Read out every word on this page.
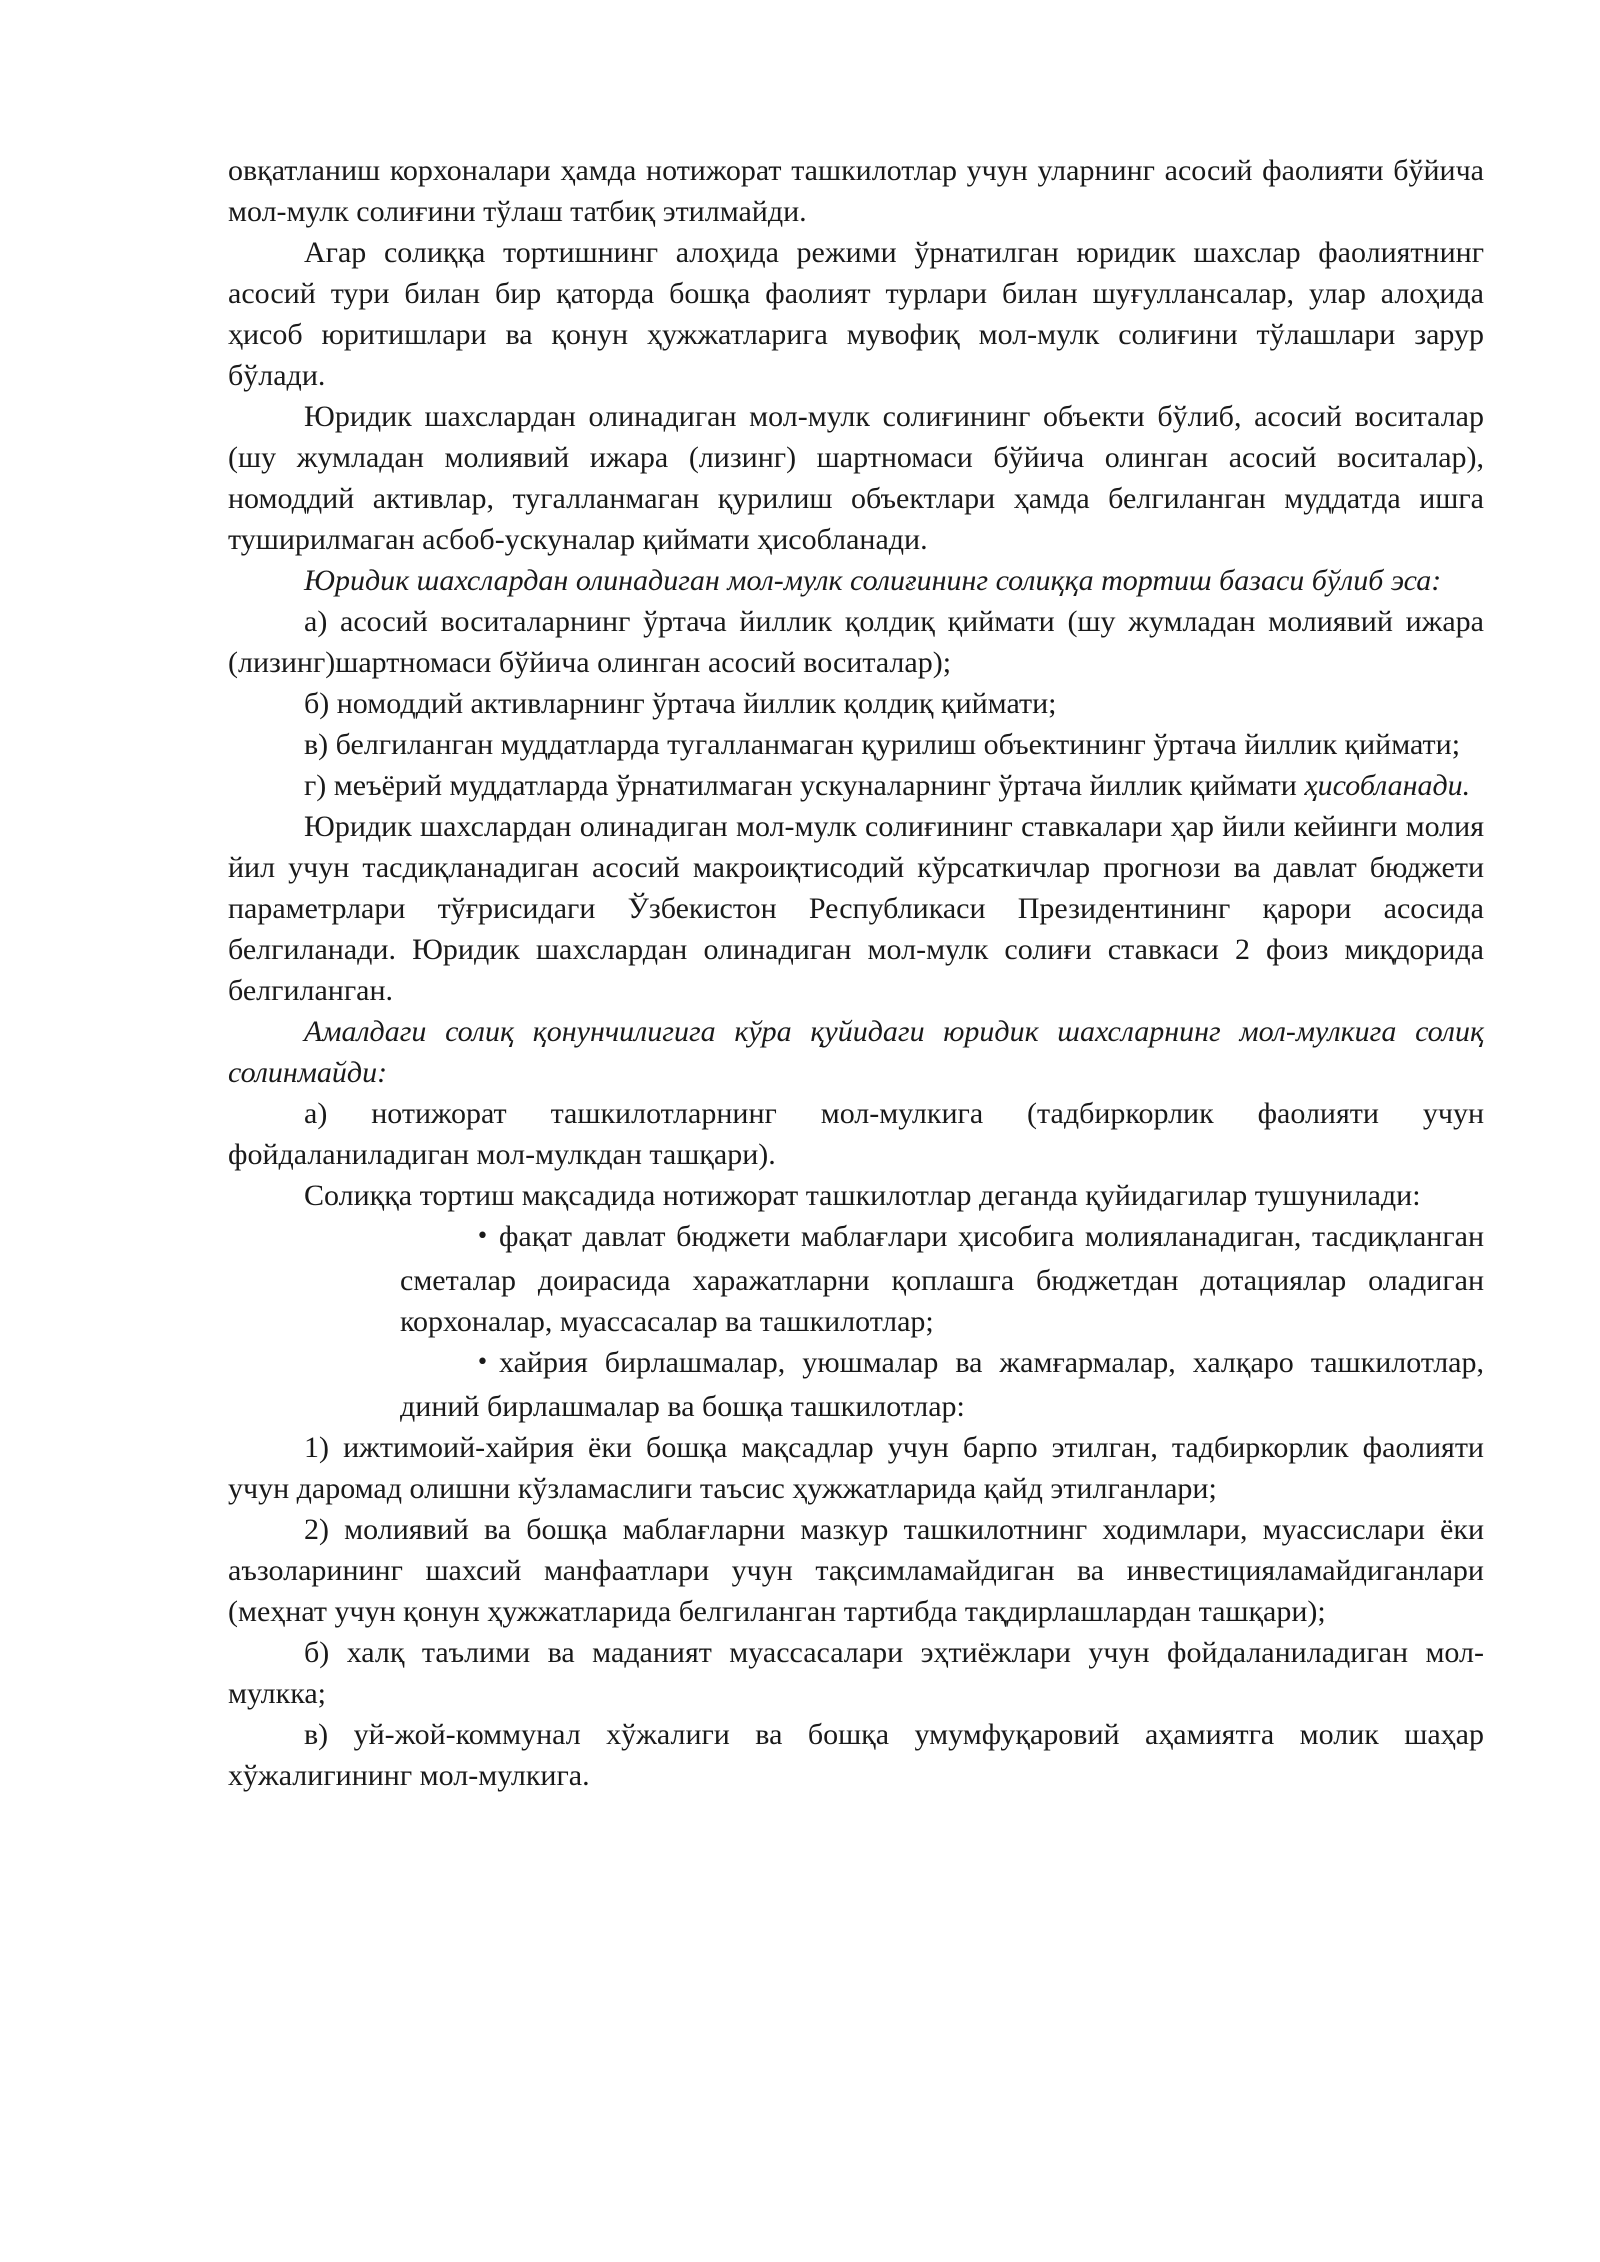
овқатланиш корхоналари ҳамда нотижорат ташкилотлар учун уларнинг асосий фаолияти бўйича мол-мулк солиғини тўлаш татбиқ этилмайди.

Агар солиққа тортишнинг алоҳида режими ўрнатилган юридик шахслар фаолиятнинг асосий тури билан бир қаторда бошқа фаолият турлари билан шуғуллансалар, улар алоҳида ҳисоб юритишлари ва қонун ҳужжатларига мувофиқ мол-мулк солиғини тўлашлари зарур бўлади.

Юридик шахслардан олинадиган мол-мулк солиғининг объекти бўлиб, асосий воситалар (шу жумладан молиявий ижара (лизинг) шартномаси бўйича олинган асосий воситалар), номоддий активлар, тугалланмаган қурилиш объектлари ҳамда белгиланган муддатда ишга туширилмаган асбоб-ускуналар қиймати ҳисобланади.

Юридик шахслардан олинадиган мол-мулк солиғининг солиққа тортиш базаси бўлиб эса:

а) асосий воситаларнинг ўртача йиллик қолдиқ қиймати (шу жумладан молиявий ижара (лизинг)шартномаси бўйича олинган асосий воситалар);

б) номоддий активларнинг ўртача йиллик қолдиқ қиймати;

в) белгиланган муддатларда тугалланмаган қурилиш объектининг ўртача йиллик қиймати;

г) меъёрий муддатларда ўрнатилмаган ускуналарнинг ўртача йиллик қиймати ҳисобланади.

Юридик шахслардан олинадиган мол-мулк солиғининг ставкалари ҳар йили кейинги молия йил учун тасдиқланадиган асосий макроиқтисодий кўрсаткичлар прогнози ва давлат бюджети параметрлари тўғрисидаги Ўзбекистон Республикаси Президентининг қарори асосида белгиланади. Юридик шахслардан олинадиган мол-мулк солиғи ставкаси 2 фоиз миқдорида белгиланган.

Амалдаги солиқ қонунчилигига кўра қуйидаги юридик шахсларнинг мол-мулкига солиқ солинмайди:

а) нотижорат ташкилотларнинг мол-мулкига (тадбиркорлик фаолияти учун фойдаланиладиган мол-мулкдан ташқари).

Солиққа тортиш мақсадида нотижорат ташкилотлар деганда қуйидагилар тушунилади:

• фақат давлат бюджети маблағлари ҳисобига молияланадиган, тасдиқланган сметалар доирасида харажатларни қоплашга бюджетдан дотациялар оладиган корхоналар, муассасалар ва ташкилотлар;

• хайрия бирлашмалар, уюшмалар ва жамғармалар, халқаро ташкилотлар, диний бирлашмалар ва бошқа ташкилотлар:

1) ижтимоий-хайрия ёки бошқа мақсадлар учун барпо этилган, тадбиркорлик фаолияти учун даромад олишни кўзламаслиги таъсис ҳужжатларида қайд этилганлари;

2) молиявий ва бошқа маблағларни мазкур ташкилотнинг ходимлари, муассислари ёки аъзоларининг шахсий манфаатлари учун тақсимламайдиган ва инвестицияламайдиганлари (меҳнат учун қонун ҳужжатларида белгиланган тартибда тақдирлашлардан ташқари);

б) халқ таълими ва маданият муассасалари эҳтиёжлари учун фойдаланиладиган мол-мулкка;

в) уй-жой-коммунал хўжалиги ва бошқа умумфуқаровий аҳамиятга молик шаҳар хўжалигининг мол-мулкига.
